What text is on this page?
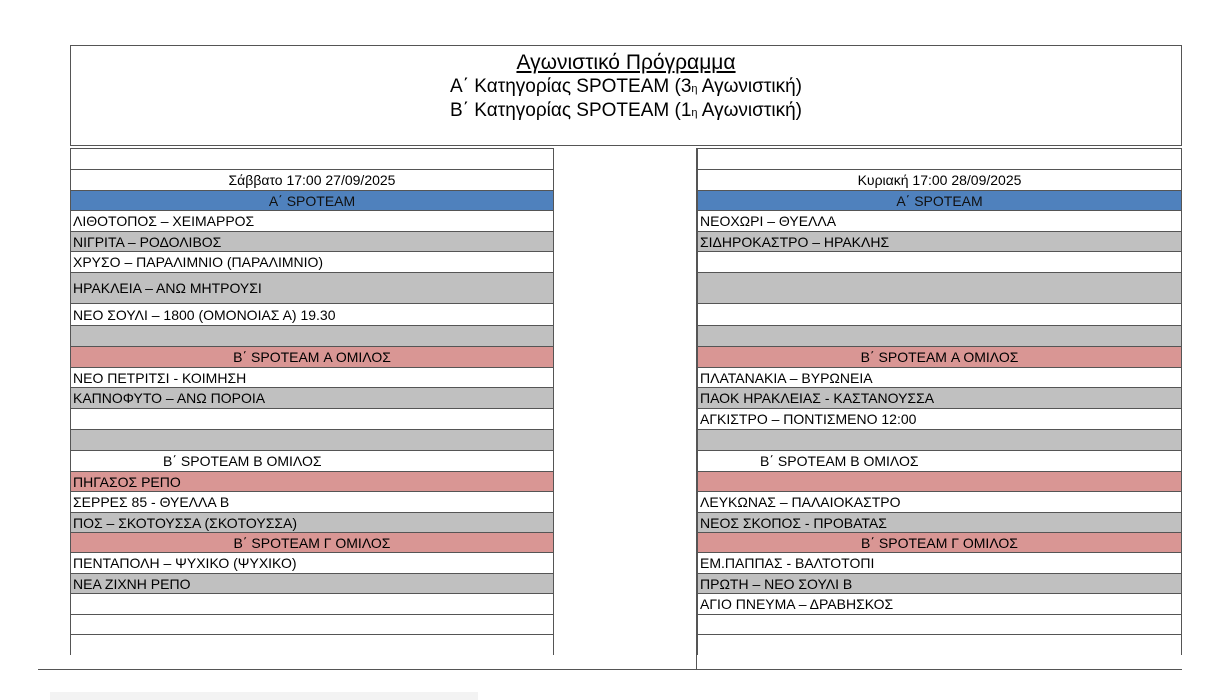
Αγωνιστικό Πρόγραμμα
Α΄ Κατηγορίας SPOTEAM ($3^\eta$ Αγωνιστική)
Β΄ Κατηγορίας SPOTEAM ($1^\eta$ Αγωνιστική)
Σάββατο 17:00 27/09/2025
Α΄ SPOTEAM
ΛΙΘΟΤΟΠΟΣ – ΧΕΙΜΑΡΡΟΣ
ΝΙΓΡΙΤΑ – ΡΟΔΟΛΙΒΟΣ
ΧΡΥΣΟ – ΠΑΡΑΛΙΜΝΙΟ (ΠΑΡΑΛΙΜΝΙΟ)
ΗΡΑΚΛΕΙΑ – ΑΝΩ ΜΗΤΡΟΥΣΙ
ΝΕΟ ΣΟΥΛΙ – 1800 (ΟΜΟΝΟΙΑΣ Α) 19.30
Β΄ SPOTEAM Α ΟΜΙΛΟΣ
ΝΕΟ ΠΕΤΡΙΤΣΙ - ΚΟΙΜΗΣΗ
ΚΑΠΝΟΦΥΤΟ – ΑΝΩ ΠΟΡΟΙΑ
Β΄ SPOTEAM Β ΟΜΙΛΟΣ
ΠΗΓΑΣΟΣ ΡΕΠΟ
ΣΕΡΡΕΣ 85 - ΘΥΕΛΛΑ Β
ΠΟΣ – ΣΚΟΤΟΥΣΣΑ (ΣΚΟΤΟΥΣΣΑ)
Β΄ SPOTEAM Γ ΟΜΙΛΟΣ
ΠΕΝΤΑΠΟΛΗ – ΨΥΧΙΚΟ (ΨΥΧΙΚΟ)
ΝΕΑ ΖΙΧΝΗ ΡΕΠΟ
Κυριακή 17:00 28/09/2025
Α΄ SPOTEAM
ΝΕΟΧΩΡΙ – ΘΥΕΛΛΑ
ΣΙΔΗΡΟΚΑΣΤΡΟ – ΗΡΑΚΛΗΣ
Β΄ SPOTEAM Α ΟΜΙΛΟΣ
ΠΛΑΤΑΝΑΚΙΑ – ΒΥΡΩΝΕΙΑ
ΠΑΟΚ ΗΡΑΚΛΕΙΑΣ - ΚΑΣΤΑΝΟΥΣΣΑ
ΑΓΚΙΣΤΡΟ – ΠΟΝΤΙΣΜΕΝΟ 12:00
Β΄ SPOTEAM Β ΟΜΙΛΟΣ
ΛΕΥΚΩΝΑΣ – ΠΑΛΑΙΟΚΑΣΤΡΟ
ΝΕΟΣ ΣΚΟΠΟΣ - ΠΡΟΒΑΤΑΣ
Β΄ SPOTEAM Γ ΟΜΙΛΟΣ
ΕΜ.ΠΑΠΠΑΣ - ΒΑΛΤΟΤΟΠΙ
ΠΡΩΤΗ – ΝΕΟ ΣΟΥΛΙ Β
ΑΓΙΟ ΠΝΕΥΜΑ – ΔΡΑΒΗΣΚΟΣ
